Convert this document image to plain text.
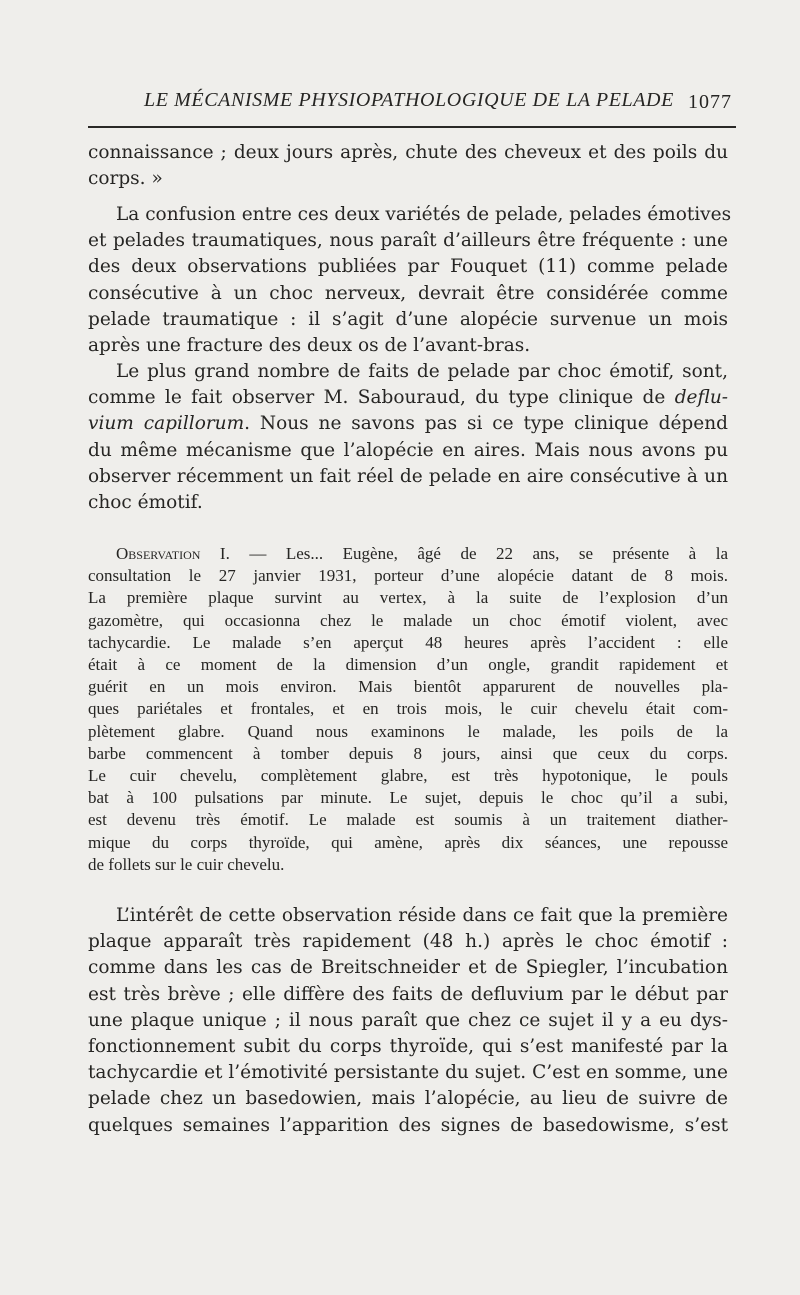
LE MÉCANISME PHYSIOPATHOLOGIQUE DE LA PELADE 1077
connaissance ; deux jours après, chute des cheveux et des poils du
corps. »
La confusion entre ces deux variétés de pelade, pelades émotives
et pelades traumatiques, nous paraît d’ailleurs être fréquente : une
des deux observations publiées par Fouquet (11) comme pelade
consécutive à un choc nerveux, devrait être considérée comme
pelade traumatique : il s’agit d’une alopécie survenue un mois
après une fracture des deux os de l’avant-bras.
Le plus grand nombre de faits de pelade par choc émotif, sont,
comme le fait observer M. Sabouraud, du type clinique de deflu-
vium capillorum. Nous ne savons pas si ce type clinique dépend
du même mécanisme que l’alopécie en aires. Mais nous avons pu
observer récemment un fait réel de pelade en aire consécutive à un
choc émotif.
Observation I. — Les... Eugène, âgé de 22 ans, se présente à la
consultation le 27 janvier 1931, porteur d’une alopécie datant de 8 mois.
La première plaque survint au vertex, à la suite de l’explosion d’un
gazomètre, qui occasionna chez le malade un choc émotif violent, avec
tachycardie. Le malade s’en aperçut 48 heures après l’accident : elle
était à ce moment de la dimension d’un ongle, grandit rapidement et
guérit en un mois environ. Mais bientôt apparurent de nouvelles pla-
ques pariétales et frontales, et en trois mois, le cuir chevelu était com-
plètement glabre. Quand nous examinons le malade, les poils de la
barbe commencent à tomber depuis 8 jours, ainsi que ceux du corps.
Le cuir chevelu, complètement glabre, est très hypotonique, le pouls
bat à 100 pulsations par minute. Le sujet, depuis le choc qu’il a subi,
est devenu très émotif. Le malade est soumis à un traitement diather-
mique du corps thyroïde, qui amène, après dix séances, une repousse
de follets sur le cuir chevelu.
L’intérêt de cette observation réside dans ce fait que la première
plaque apparaît très rapidement (48 h.) après le choc émotif :
comme dans les cas de Breitschneider et de Spiegler, l’incubation
est très brève ; elle diffère des faits de defluvium par le début par
une plaque unique ; il nous paraît que chez ce sujet il y a eu dys-
fonctionnement subit du corps thyroïde, qui s’est manifesté par la
tachycardie et l’émotivité persistante du sujet. C’est en somme, une
pelade chez un basedowien, mais l’alopécie, au lieu de suivre de
quelques semaines l’apparition des signes de basedowisme, s’est
